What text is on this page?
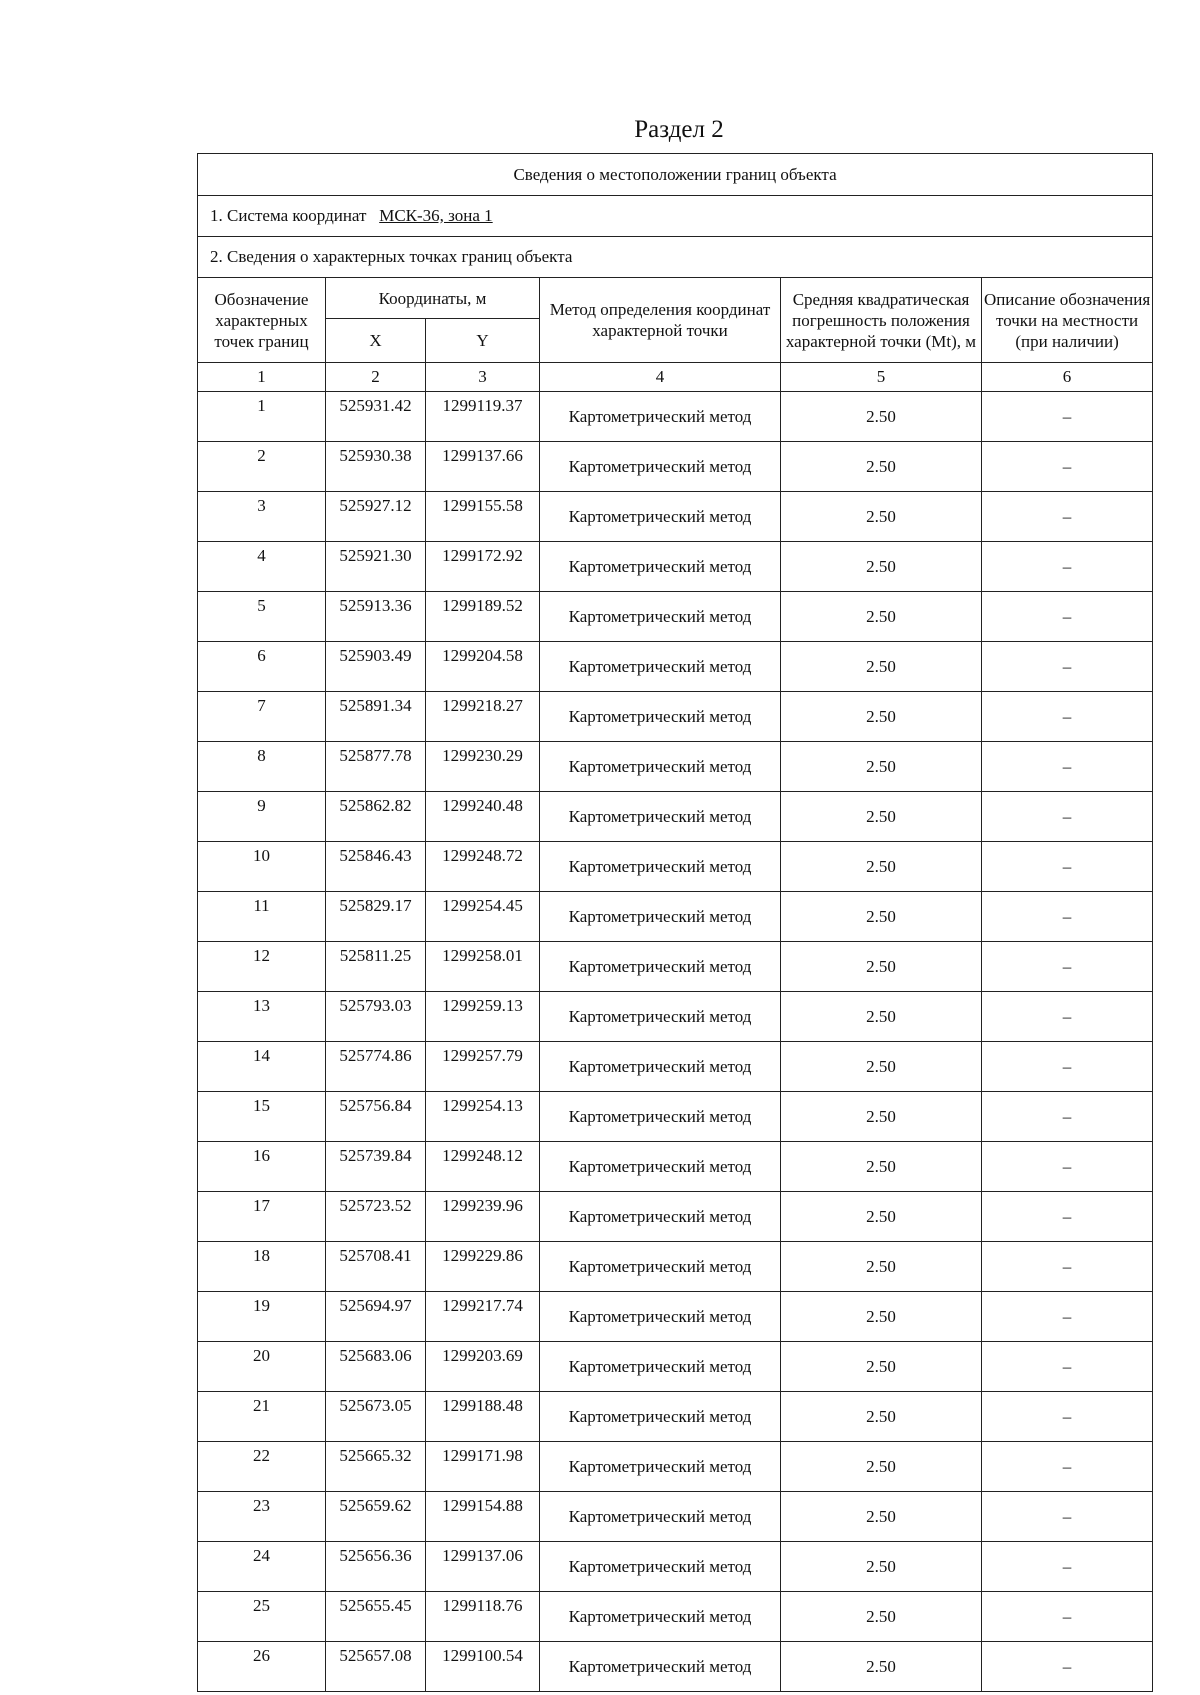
Раздел 2
Сведения о местоположении границ объекта					
1. Система координат МСК-36, зона 1					
2. Сведения о характерных точках границ объекта					
Обозначение характерных точек границ	Координаты, м		Метод определения координат характерной точки	Средняя квадратическая погрешность положения характерной точки (Mt), м	Описание обозначения точки на местности (при наличии)
	X	Y			
1	2	3	4	5	6
1	525931.42	1299119.37	Картометрический метод	2.50	–
2	525930.38	1299137.66	Картометрический метод	2.50	–
3	525927.12	1299155.58	Картометрический метод	2.50	–
4	525921.30	1299172.92	Картометрический метод	2.50	–
5	525913.36	1299189.52	Картометрический метод	2.50	–
6	525903.49	1299204.58	Картометрический метод	2.50	–
7	525891.34	1299218.27	Картометрический метод	2.50	–
8	525877.78	1299230.29	Картометрический метод	2.50	–
9	525862.82	1299240.48	Картометрический метод	2.50	–
10	525846.43	1299248.72	Картометрический метод	2.50	–
11	525829.17	1299254.45	Картометрический метод	2.50	–
12	525811.25	1299258.01	Картометрический метод	2.50	–
13	525793.03	1299259.13	Картометрический метод	2.50	–
14	525774.86	1299257.79	Картометрический метод	2.50	–
15	525756.84	1299254.13	Картометрический метод	2.50	–
16	525739.84	1299248.12	Картометрический метод	2.50	–
17	525723.52	1299239.96	Картометрический метод	2.50	–
18	525708.41	1299229.86	Картометрический метод	2.50	–
19	525694.97	1299217.74	Картометрический метод	2.50	–
20	525683.06	1299203.69	Картометрический метод	2.50	–
21	525673.05	1299188.48	Картометрический метод	2.50	–
22	525665.32	1299171.98	Картометрический метод	2.50	–
23	525659.62	1299154.88	Картометрический метод	2.50	–
24	525656.36	1299137.06	Картометрический метод	2.50	–
25	525655.45	1299118.76	Картометрический метод	2.50	–
26	525657.08	1299100.54	Картометрический метод	2.50	–
